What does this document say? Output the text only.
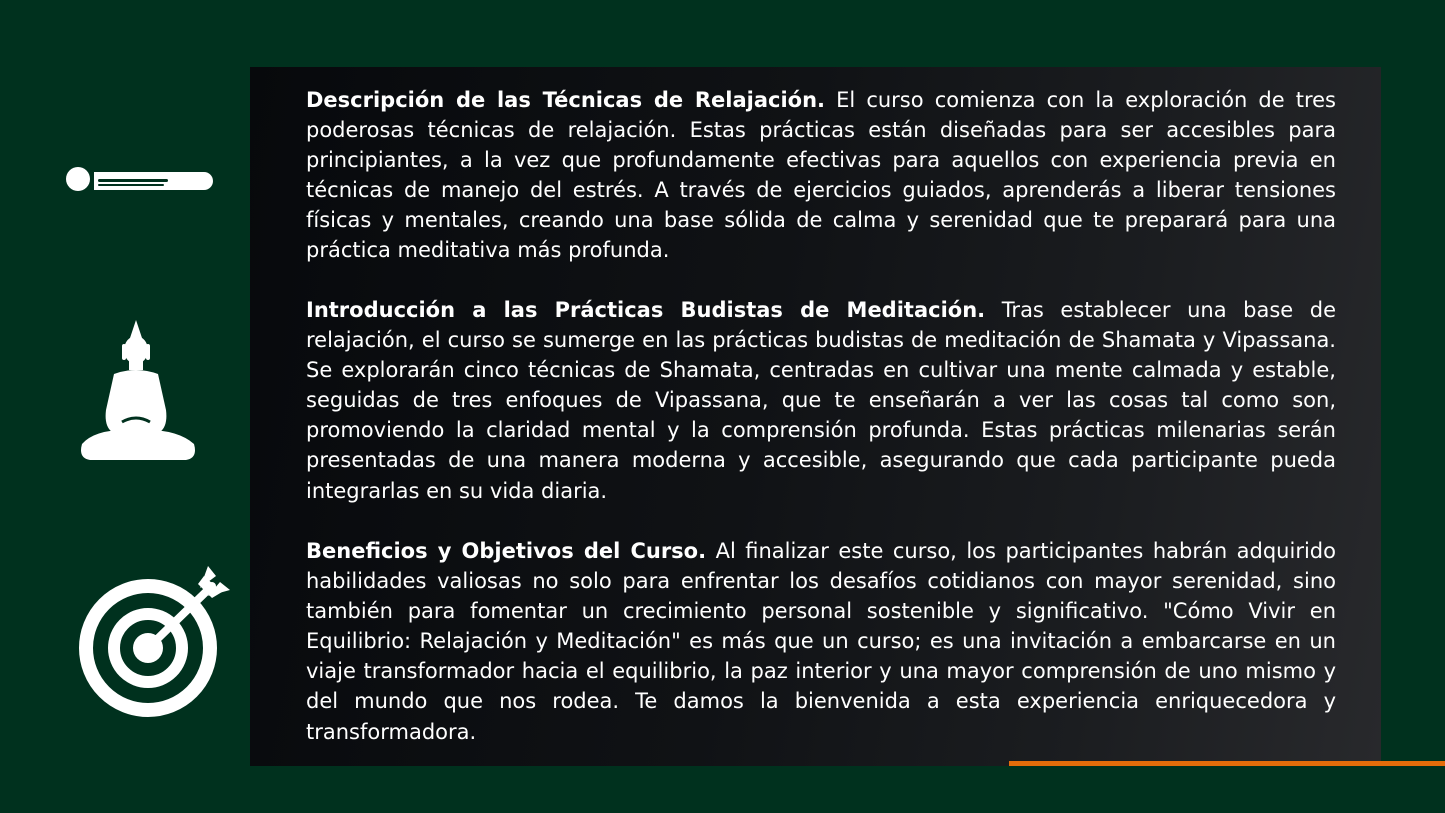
Descripción de las Técnicas de Relajación. El curso comienza con la exploración de tres poderosas técnicas de relajación. Estas prácticas están diseñadas para ser accesibles para principiantes, a la vez que profundamente efectivas para aquellos con experiencia previa en técnicas de manejo del estrés. A través de ejercicios guiados, aprenderás a liberar tensiones físicas y mentales, creando una base sólida de calma y serenidad que te preparará para una práctica meditativa más profunda.

Introducción a las Prácticas Budistas de Meditación. Tras establecer una base de relajación, el curso se sumerge en las prácticas budistas de meditación de Shamata y Vipassana. Se explorarán cinco técnicas de Shamata, centradas en cultivar una mente calmada y estable, seguidas de tres enfoques de Vipassana, que te enseñarán a ver las cosas tal como son, promoviendo la claridad mental y la comprensión profunda. Estas prácticas milenarias serán presentadas de una manera moderna y accesible, asegurando que cada participante pueda integrarlas en su vida diaria.

Beneficios y Objetivos del Curso. Al finalizar este curso, los participantes habrán adquirido habilidades valiosas no solo para enfrentar los desafíos cotidianos con mayor serenidad, sino también para fomentar un crecimiento personal sostenible y significativo. "Cómo Vivir en Equilibrio: Relajación y Meditación" es más que un curso; es una invitación a embarcarse en un viaje transformador hacia el equilibrio, la paz interior y una mayor comprensión de uno mismo y del mundo que nos rodea. Te damos la bienvenida a esta experiencia enriquecedora y transformadora.
